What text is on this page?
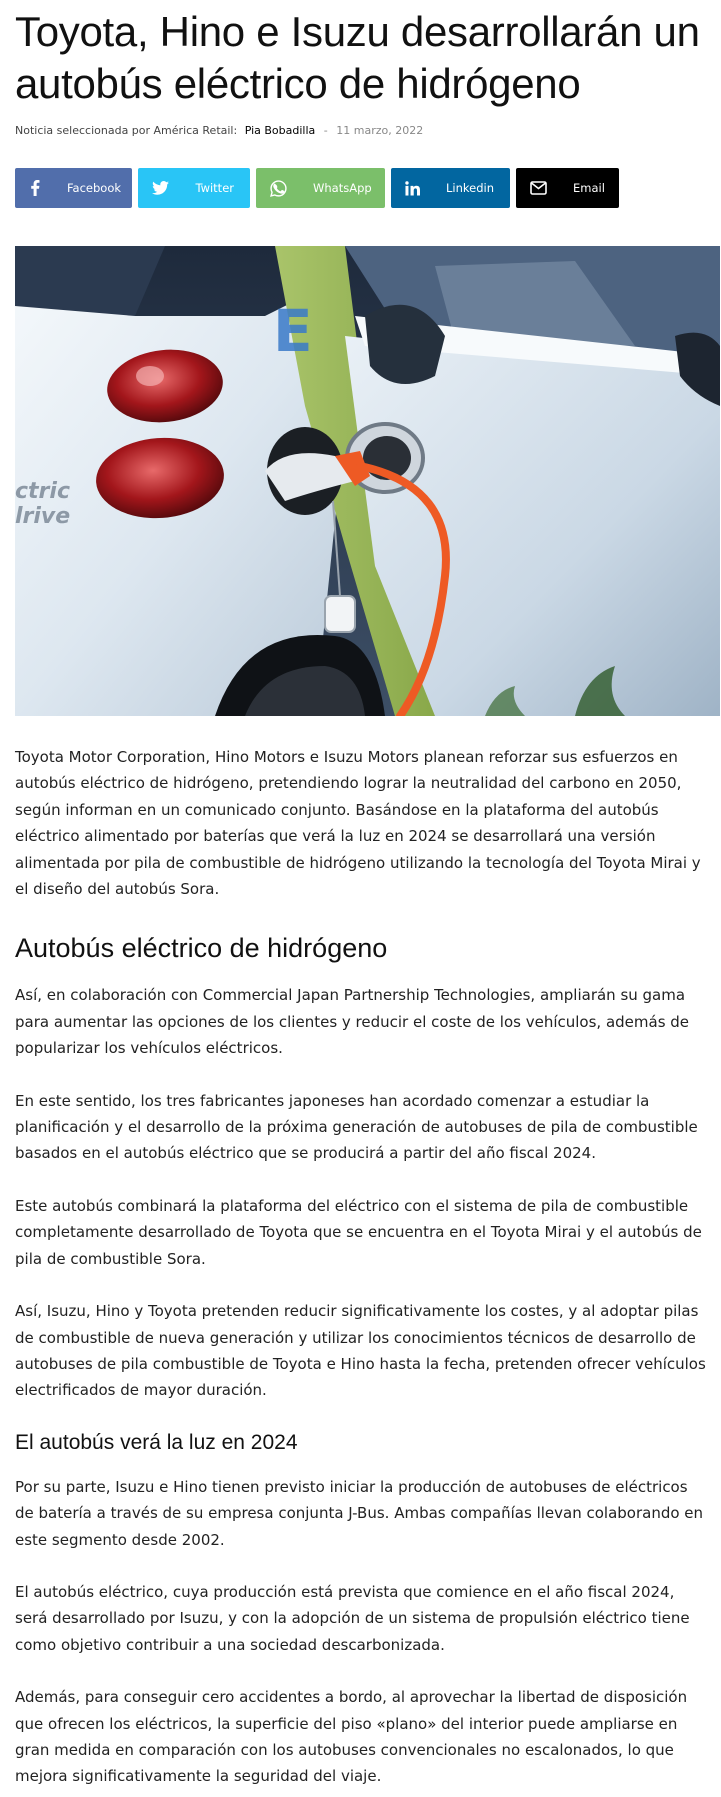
Toyota, Hino e Isuzu desarrollarán un autobús eléctrico de hidrógeno
Noticia seleccionada por América Retail: Pia Bobadilla - 11 marzo, 2022
Facebook	Twitter	WhatsApp	Linkedin	Email
E
ctric
lrive

Toyota Motor Corporation, Hino Motors e Isuzu Motors planean reforzar sus esfuerzos en autobús eléctrico de hidrógeno, pretendiendo lograr la neutralidad del carbono en 2050, según informan en un comunicado conjunto. Basándose en la plataforma del autobús eléctrico alimentado por baterías que verá la luz en 2024 se desarrollará una versión alimentada por pila de combustible de hidrógeno utilizando la tecnología del Toyota Mirai y el diseño del autobús Sora.

Autobús eléctrico de hidrógeno

Así, en colaboración con Commercial Japan Partnership Technologies, ampliarán su gama para aumentar las opciones de los clientes y reducir el coste de los vehículos, además de popularizar los vehículos eléctricos.

En este sentido, los tres fabricantes japoneses han acordado comenzar a estudiar la planificación y el desarrollo de la próxima generación de autobuses de pila de combustible basados en el autobús eléctrico que se producirá a partir del año fiscal 2024.

Este autobús combinará la plataforma del eléctrico con el sistema de pila de combustible completamente desarrollado de Toyota que se encuentra en el Toyota Mirai y el autobús de pila de combustible Sora.

Así, Isuzu, Hino y Toyota pretenden reducir significativamente los costes, y al adoptar pilas de combustible de nueva generación y utilizar los conocimientos técnicos de desarrollo de autobuses de pila combustible de Toyota e Hino hasta la fecha, pretenden ofrecer vehículos electrificados de mayor duración.

El autobús verá la luz en 2024

Por su parte, Isuzu e Hino tienen previsto iniciar la producción de autobuses de eléctricos de batería a través de su empresa conjunta J-Bus. Ambas compañías llevan colaborando en este segmento desde 2002.

El autobús eléctrico, cuya producción está prevista que comience en el año fiscal 2024, será desarrollado por Isuzu, y con la adopción de un sistema de propulsión eléctrico tiene como objetivo contribuir a una sociedad descarbonizada.

Además, para conseguir cero accidentes a bordo, al aprovechar la libertad de disposición que ofrecen los eléctricos, la superficie del piso «plano» del interior puede ampliarse en gran medida en comparación con los autobuses convencionales no escalonados, lo que mejora significativamente la seguridad del viaje.
